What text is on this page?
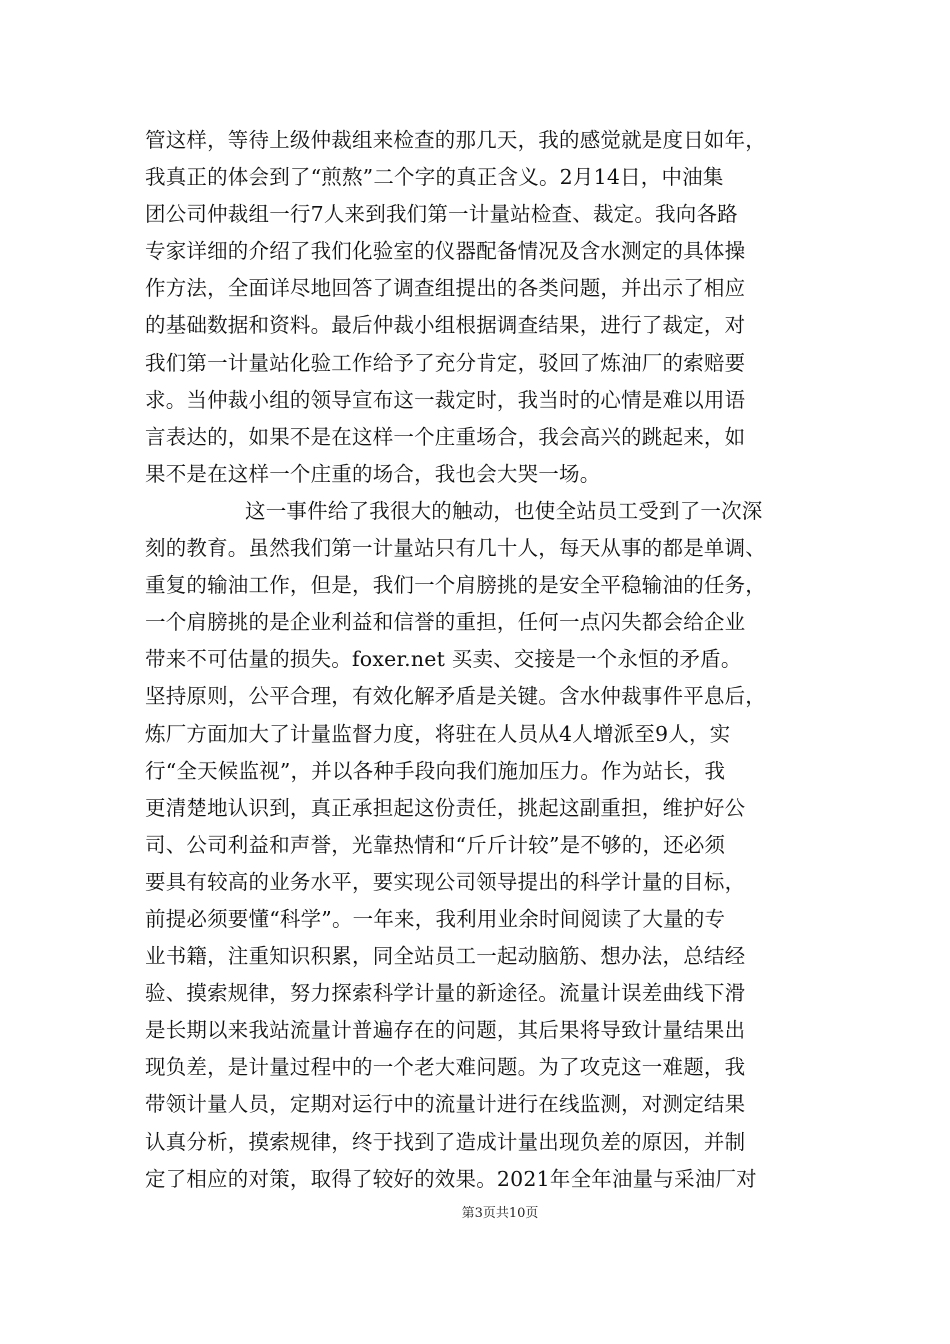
管这样，等待上级仲裁组来检查的那几天，我的感觉就是度日如年，
我真正的体会到了“煎熬”二个字的真正含义。2月14日，中油集
团公司仲裁组一行7人来到我们第一计量站检查、裁定。我向各路
专家详细的介绍了我们化验室的仪器配备情况及含水测定的具体操
作方法，全面详尽地回答了调查组提出的各类问题，并出示了相应
的基础数据和资料。最后仲裁小组根据调查结果，进行了裁定，对
我们第一计量站化验工作给予了充分肯定，驳回了炼油厂的索赔要
求。当仲裁小组的领导宣布这一裁定时，我当时的心情是难以用语
言表达的，如果不是在这样一个庄重场合，我会高兴的跳起来，如
果不是在这样一个庄重的场合，我也会大哭一场。
这一事件给了我很大的触动，也使全站员工受到了一次深
刻的教育。虽然我们第一计量站只有几十人，每天从事的都是单调、
重复的输油工作，但是，我们一个肩膀挑的是安全平稳输油的任务，
一个肩膀挑的是企业利益和信誉的重担，任何一点闪失都会给企业
带来不可估量的损失。foxer.net 买卖、交接是一个永恒的矛盾。
坚持原则，公平合理，有效化解矛盾是关键。含水仲裁事件平息后，
炼厂方面加大了计量监督力度，将驻在人员从4人增派至9人，实
行“全天候监视”，并以各种手段向我们施加压力。作为站长，我
更清楚地认识到，真正承担起这份责任，挑起这副重担，维护好公
司、公司利益和声誉，光靠热情和“斤斤计较”是不够的，还必须
要具有较高的业务水平，要实现公司领导提出的科学计量的目标，
前提必须要懂“科学”。一年来，我利用业余时间阅读了大量的专
业书籍，注重知识积累，同全站员工一起动脑筋、想办法，总结经
验、摸索规律，努力探索科学计量的新途径。流量计误差曲线下滑
是长期以来我站流量计普遍存在的问题，其后果将导致计量结果出
现负差，是计量过程中的一个老大难问题。为了攻克这一难题，我
带领计量人员，定期对运行中的流量计进行在线监测，对测定结果
认真分析，摸索规律，终于找到了造成计量出现负差的原因，并制
定了相应的对策，取得了较好的效果。2021年全年油量与采油厂对
第3页共10页
